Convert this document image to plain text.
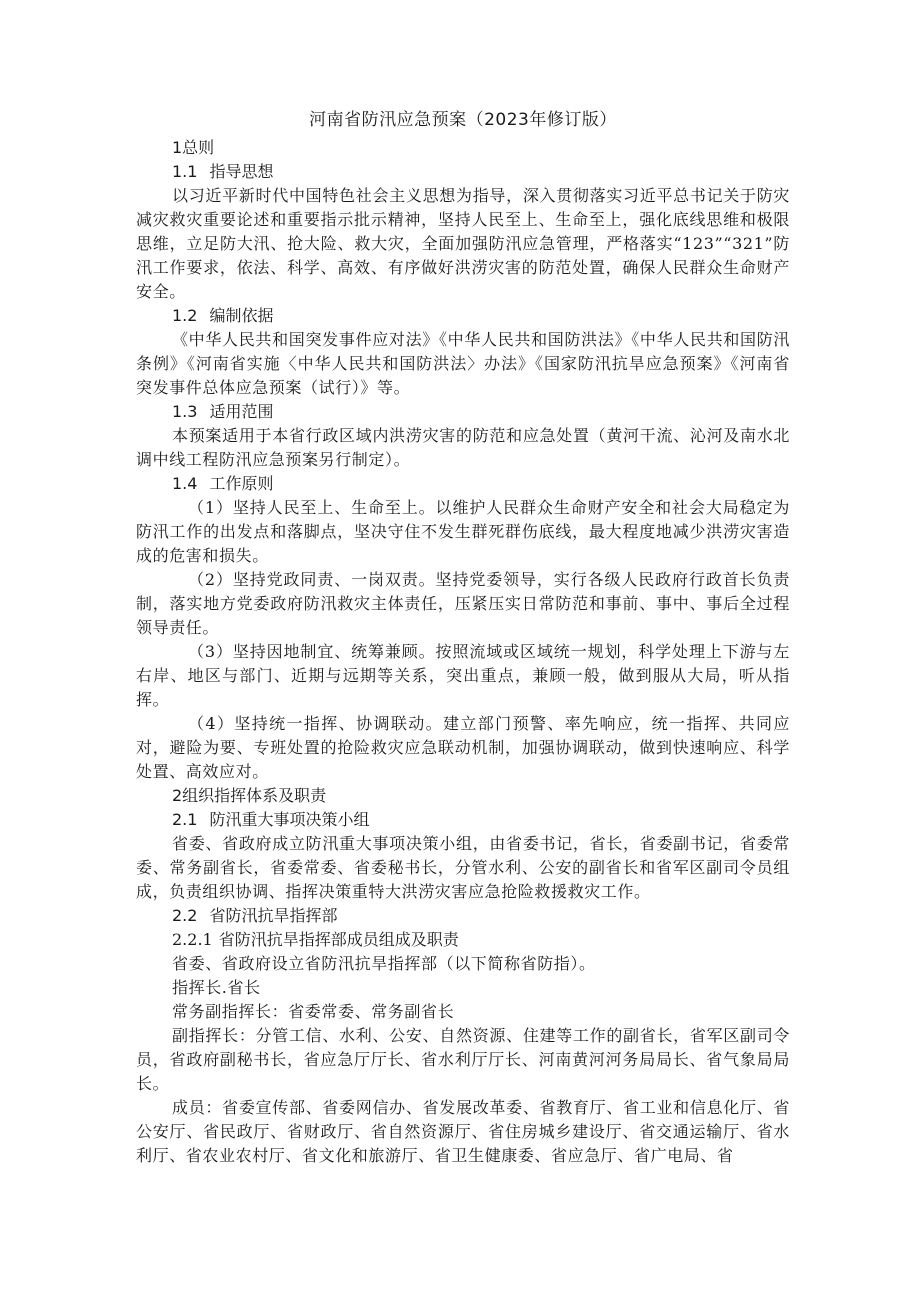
河南省防汛应急预案（2023年修订版）
1总则
1.1 指导思想

以习近平新时代中国特色社会主义思想为指导，深入贯彻落实习近平总书记关于防灾减灾救灾重要论述和重要指示批示精神，坚持人民至上、生命至上，强化底线思维和极限思维，立足防大汛、抢大险、救大灾，全面加强防汛应急管理，严格落实“123”“321”防汛工作要求，依法、科学、高效、有序做好洪涝灾害的防范处置，确保人民群众生命财产安全。

1.2 编制依据

《中华人民共和国突发事件应对法》《中华人民共和国防洪法》《中华人民共和国防汛条例》《河南省实施〈中华人民共和国防洪法〉办法》《国家防汛抗旱应急预案》《河南省突发事件总体应急预案（试行）》等。

1.3 适用范围

本预案适用于本省行政区域内洪涝灾害的防范和应急处置（黄河干流、沁河及南水北调中线工程防汛应急预案另行制定）。

1.4 工作原则

（1）坚持人民至上、生命至上。以维护人民群众生命财产安全和社会大局稳定为防汛工作的出发点和落脚点，坚决守住不发生群死群伤底线，最大程度地减少洪涝灾害造成的危害和损失。

（2）坚持党政同责、一岗双责。坚持党委领导，实行各级人民政府行政首长负责制，落实地方党委政府防汛救灾主体责任，压紧压实日常防范和事前、事中、事后全过程领导责任。

（3）坚持因地制宜、统筹兼顾。按照流域或区域统一规划，科学处理上下游与左右岸、地区与部门、近期与远期等关系，突出重点，兼顾一般，做到服从大局，听从指挥。

（4）坚持统一指挥、协调联动。建立部门预警、率先响应，统一指挥、共同应对，避险为要、专班处置的抢险救灾应急联动机制，加强协调联动，做到快速响应、科学处置、高效应对。

2组织指挥体系及职责
2.1 防汛重大事项决策小组

省委、省政府成立防汛重大事项决策小组，由省委书记，省长，省委副书记，省委常委、常务副省长，省委常委、省委秘书长，分管水利、公安的副省长和省军区副司令员组成，负责组织协调、指挥决策重特大洪涝灾害应急抢险救援救灾工作。

2.2 省防汛抗旱指挥部
2.2.1 省防汛抗旱指挥部成员组成及职责
省委、省政府设立省防汛抗旱指挥部（以下简称省防指）。
指挥长.省长
常务副指挥长：省委常委、常务副省长

副指挥长：分管工信、水利、公安、自然资源、住建等工作的副省长，省军区副司令员，省政府副秘书长，省应急厅厅长、省水利厅厅长、河南黄河河务局局长、省气象局局长。

成员：省委宣传部、省委网信办、省发展改革委、省教育厅、省工业和信息化厅、省公安厅、省民政厅、省财政厅、省自然资源厅、省住房城乡建设厅、省交通运输厅、省水利厅、省农业农村厅、省文化和旅游厅、省卫生健康委、省应急厅、省广电局、省
